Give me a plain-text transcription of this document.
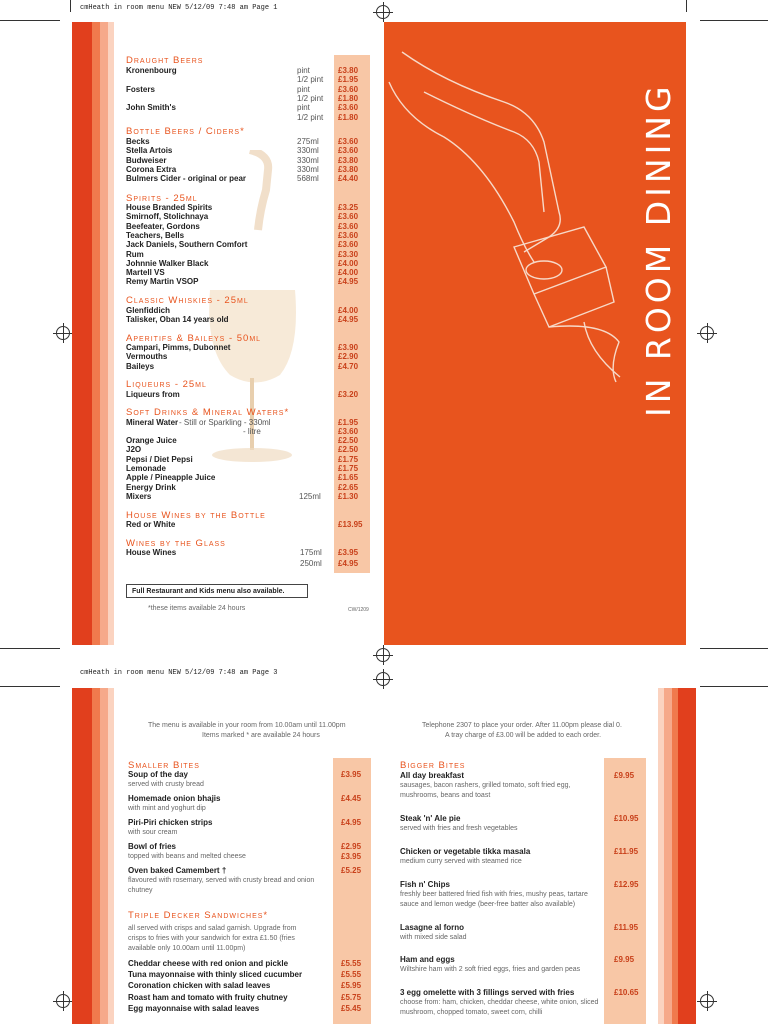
cmHeath in room menu NEW 5/12/09 7:48 am Page 1
cmHeath in room menu NEW 5/12/09 7:48 am Page 3
Draught Beers
Bottle Beers / Ciders*
Spirits - 25ml
Classic Whiskies - 25ml
Aperitifs & Baileys - 50ml
Liqueurs - 25ml
Soft Drinks & Mineral Waters*
House Wines by the Bottle
Wines by the Glass
Mineral Water - Still or Sparkling - 330ml	£1.95
- litre	£3.60
Full Restaurant and Kids menu also available.
*these items available 24 hours	CW/1209
IN ROOM DINING
The menu is available in your room from 10.00am until 11.00pm
Items marked * are available 24 hours
Telephone 2307 to place your order. After 11.00pm please dial 0.
A tray charge of £3.00 will be added to each order.
Smaller Bites
Triple Decker Sandwiches*
Bigger Bites
all served with crisps and salad garnish. Upgrade from crisps to fries with your sandwich for extra £1.50 (fries available only 10.00am until 11.00pm)
Kronenbourg	pint	£3.80
1/2 pint £1.95
Fosters	pint	£3.60
1/2 pint £1.80
John Smith's	pint	£3.60
1/2 pint £1.80
Becks	275ml £3.60
Stella Artois	330ml £3.60
Budweiser	330ml £3.80
Corona Extra	330ml £3.80
Bulmers Cider - original or pear	568ml £4.40
House Branded Spirits	£3.25
Smirnoff, Stolichnaya	£3.60
Beefeater, Gordons	£3.60
Teachers, Bells	£3.60
Jack Daniels, Southern Comfort	£3.60
Rum	£3.30
Johnnie Walker Black	£4.00
Martell VS	£4.00
Remy Martin VSOP	£4.95
Glenfiddich	£4.00
Talisker, Oban 14 years old	£4.95
Campari, Pimms, Dubonnet	£3.90
Vermouths	£2.90
Baileys	£4.70
Liqueurs from	£3.20
Orange Juice	£2.50
J2O	£2.50
Pepsi / Diet Pepsi	£1.75
Lemonade	£1.75
Apple / Pineapple Juice	£1.65
Energy Drink	£2.65
Mixers	125ml £1.30
Red or White	£13.95
House Wines	175ml £3.95
250ml £4.95
Soup of the day
served with crusty bread
£3.95
Homemade onion bhajis
with mint and yoghurt dip
£4.45
Piri-Piri chicken strips
with sour cream
£4.95
Bowl of fries
topped with beans and melted cheese
£2.95
£3.95
Oven baked Camembert †
flavoured with rosemary, served with crusty bread and onion chutney
£5.25
Cheddar cheese with red onion and pickle	£5.55
Tuna mayonnaise with thinly sliced cucumber	£5.55
Coronation chicken with salad leaves	£5.95
Roast ham and tomato with fruity chutney	£5.75
Egg mayonnaise with salad leaves	£5.45
All day breakfast
sausages, bacon rashers, grilled tomato, soft fried egg, mushrooms, beans and toast
£9.95
Steak 'n' Ale pie
served with fries and fresh vegetables
£10.95
Chicken or vegetable tikka masala
medium curry served with steamed rice
£11.95
Fish n' Chips
freshly beer battered fried fish with fries, mushy peas, tartare sauce and lemon wedge (beer-free batter also available)
£12.95
Lasagne al forno
with mixed side salad
£11.95
Ham and eggs
Wiltshire ham with 2 soft fried eggs, fries and garden peas
£9.95
3 egg omelette with 3 fillings served with fries
choose from: ham, chicken, cheddar cheese, white onion, sliced mushroom, chopped tomato, sweet corn, chilli
£10.65
